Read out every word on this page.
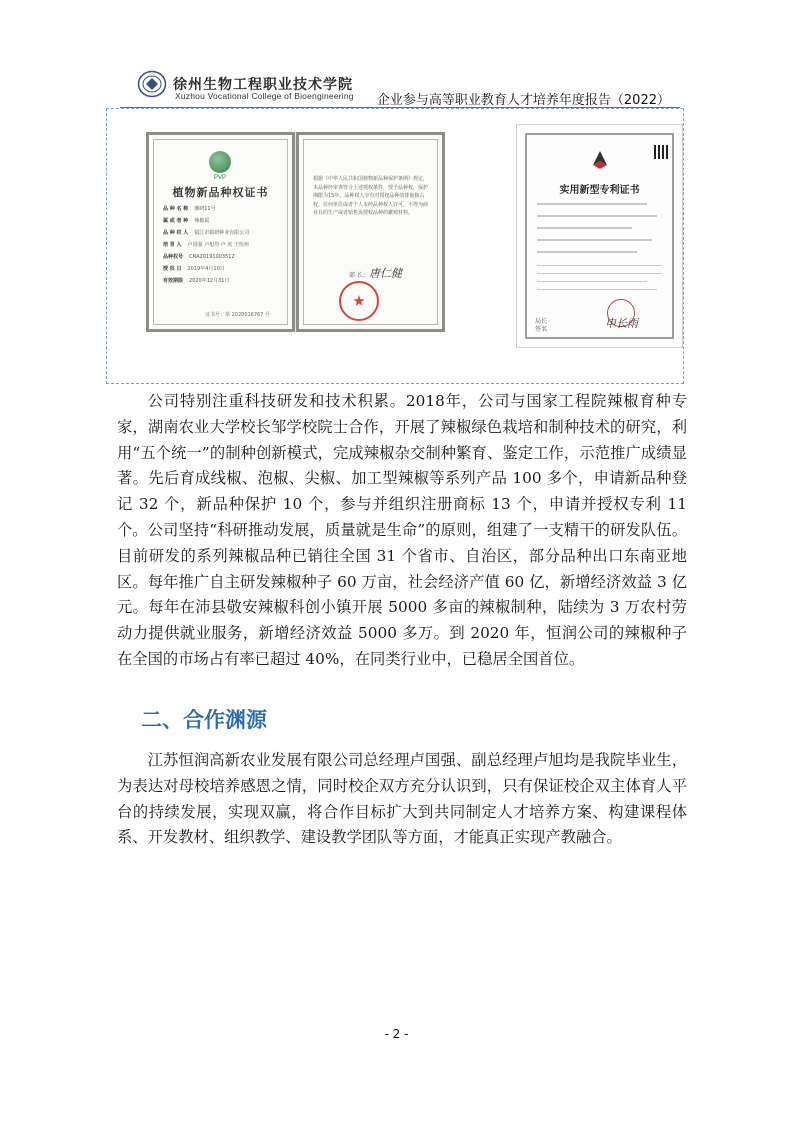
徐州生物工程职业技术学院
Xuzhou Vocational College of Bioengineering 企业参与高等职业教育人才培养年度报告（2022）
PVP
植物新品种权证书
品 种 名 称 湘研11号
属 或 者 种 辣椒属
品 种 权 人 镇江市镇研种业有限公司
培 育 人 卢国强 卢旭均 卢 虎 王恒州
品种权号 CNA20191003512
授 权 日 2019年4月10日
有效期限 2020年12月31日
证书号：第 2020016767 号
根据《中华人民共和国植物新品种保护条例》规定，本品种经审查符合上述授权条件，授予品种权，保护期限为15年。品种权人享有对授权品种的排他独占权，任何单位或者个人未经品种权人许可，不得为商业目的生产或者销售该授权品种的繁殖材料。
部 长： 唐仁健
实用新型专利证书
局长
签名	申长雨

公司特别注重科技研发和技术积累。2018年，公司与国家工程院辣椒育种专家，湖南农业大学校长邹学校院士合作，开展了辣椒绿色栽培和制种技术的研究，利用“五个统一”的制种创新模式，完成辣椒杂交制种繁育、鉴定工作，示范推广成绩显著。先后育成线椒、泡椒、尖椒、加工型辣椒等系列产品 100 多个，申请新品种登记 32 个，新品种保护 10 个，参与并组织注册商标 13 个，申请并授权专利 11 个。 公司坚持“科研推动发展，质量就是生命”的原则，组建了一支精干的研发队伍。目前研发的系列辣椒品种已销往全国 31 个省市、自治区，部分品种出口东南亚地区。每年推广自主研发辣椒种子 60 万亩，社会经济产值 60 亿，新增经济效益 3 亿元。每年在沛县敬安辣椒科创小镇开展 5000 多亩的辣椒制种，陆续为 3 万农村劳动力提供就业服务，新增经济效益 5000 多万。到 2020 年，恒润公司的辣椒种子在全国的市场占有率已超过 40%，在同类行业中，已稳居全国首位。

二、合作渊源

江苏恒润高新农业发展有限公司总经理卢国强、副总经理卢旭均是我院毕业生，为表达对母校培养感恩之情，同时校企双方充分认识到，只有保证校企双主体育人平台的持续发展，实现双赢，将合作目标扩大到共同制定人才培养方案、构建课程体系、开发教材、组织教学、建设教学团队等方面，才能真正实现产教融合。

- 2 -
